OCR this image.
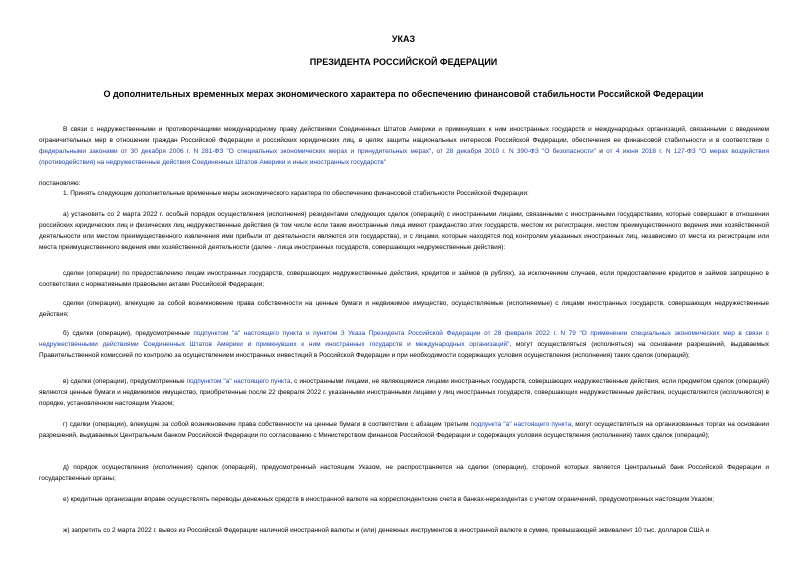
УКАЗ
ПРЕЗИДЕНТА РОССИЙСКОЙ ФЕДЕРАЦИИ
О дополнительных временных мерах экономического характера по обеспечению финансовой стабильности Российской Федерации

В связи с недружественными и противоречащими международному праву действиями Соединенных Штатов Америки и примкнувших к ним иностранных государств и международных организаций, связанными с введением ограничительных мер в отношении граждан Российской Федерации и российских юридических лиц, в целях защиты национальных интересов Российской Федерации, обеспечения ее финансовой стабильности и в соответствии с федеральными законами от 30 декабря 2006 г. N 281-ФЗ "О специальных экономических мерах и принудительных мерах", от 28 декабря 2010 г. N 390-ФЗ "О безопасности" и от 4 июня 2018 г. N 127-ФЗ "О мерах воздействия (противодействия) на недружественные действия Соединенных Штатов Америки и иных иностранных государств"

постановляю:

1. Принять следующие дополнительные временные меры экономического характера по обеспечению финансовой стабильности Российской Федерации:

а) установить со 2 марта 2022 г. особый порядок осуществления (исполнения) резидентами следующих сделок (операций) с иностранными лицами, связанными с иностранными государствами, которые совершают в отношении российских юридических лиц и физических лиц недружественные действия (в том числе если такие иностранные лица имеют гражданство этих государств, местом их регистрации, местом преимущественного ведения ими хозяйственной деятельности или местом преимущественного извлечения ими прибыли от деятельности являются эти государства), и с лицами, которые находятся под контролем указанных иностранных лиц, независимо от места их регистрации или места преимущественного ведения ими хозяйственной деятельности (далее - лица иностранных государств, совершающих недружественные действия):

сделки (операции) по предоставлению лицам иностранных государств, совершающих недружественные действия, кредитов и займов (в рублях), за исключением случаев, если предоставление кредитов и займов запрещено в соответствии с нормативными правовыми актами Российской Федерации;

сделки (операции), влекущие за собой возникновение права собственности на ценные бумаги и недвижимое имущество, осуществляемые (исполняемые) с лицами иностранных государств, совершающих недружественные действия;

б) сделки (операции), предусмотренные подпунктом "а" настоящего пункта и пунктом 3 Указа Президента Российской Федерации от 28 февраля 2022 г. N 79 "О применении специальных экономических мер в связи с недружественными действиями Соединенных Штатов Америки и примкнувших к ним иностранных государств и международных организаций", могут осуществляться (исполняться) на основании разрешений, выдаваемых Правительственной комиссией по контролю за осуществлением иностранных инвестиций в Российской Федерации и при необходимости содержащих условия осуществления (исполнения) таких сделок (операций);

в) сделки (операции), предусмотренные подпунктом "а" настоящего пункта, с иностранными лицами, не являющимися лицами иностранных государств, совершающих недружественные действия, если предметом сделок (операций) являются ценные бумаги и недвижимое имущество, приобретенные после 22 февраля 2022 г. указанными иностранными лицами у лиц иностранных государств, совершающих недружественные действия, осуществляются (исполняются) в порядке, установленном настоящим Указом;

г) сделки (операции), влекущие за собой возникновение права собственности на ценные бумаги в соответствии с абзацем третьим подпункта "а" настоящего пункта, могут осуществляться на организованных торгах на основании разрешений, выдаваемых Центральным банком Российской Федерации по согласованию с Министерством финансов Российской Федерации и содержащих условия осуществления (исполнения) таких сделок (операций);

д) порядок осуществления (исполнения) сделок (операций), предусмотренный настоящим Указом, не распространяется на сделки (операции), стороной которых является Центральный банк Российской Федерации и государственные органы;

е) кредитные организации вправе осуществлять переводы денежных средств в иностранной валюте на корреспондентские счета в банках-нерезидентах с учетом ограничений, предусмотренных настоящим Указом;

ж) запретить со 2 марта 2022 г. вывоз из Российской Федерации наличной иностранной валюты и (или) денежных инструментов в иностранной валюте в сумме, превышающей эквивалент 10 тыс. долларов США и
